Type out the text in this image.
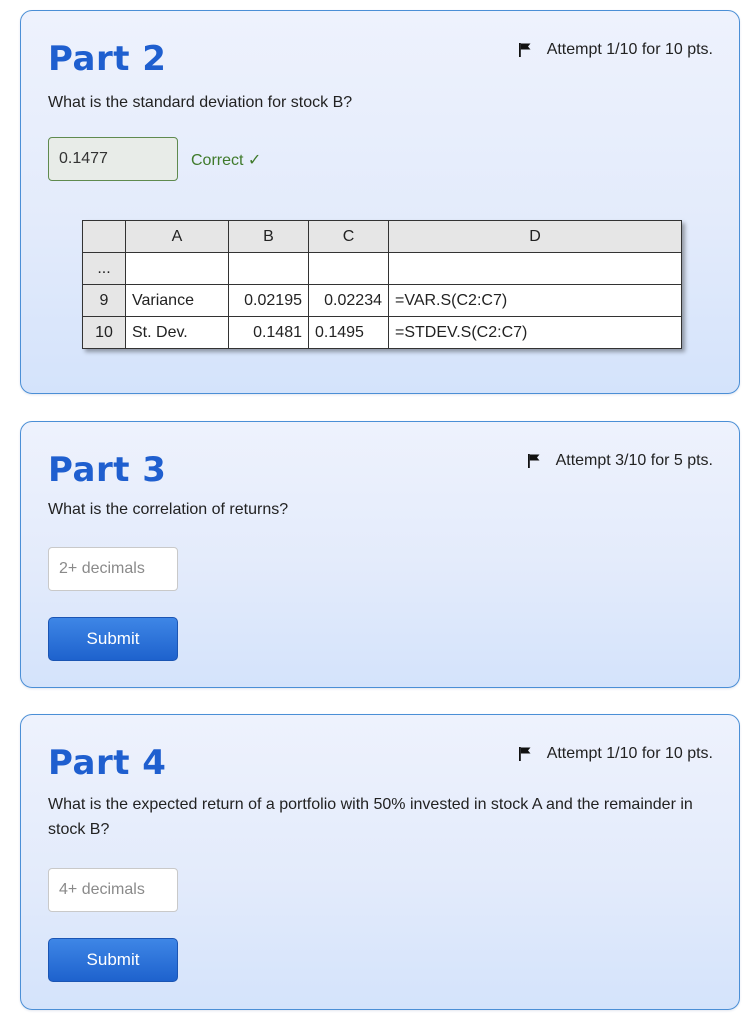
Part 2	Attempt 1/10 for 10 pts.
What is the standard deviation for stock B?
0.1477
Correct ✓
	A	B	C	D
...				
9	Variance	0.02195	0.02234	=VAR.S(C2:C7)
10	St. Dev.	0.1481	0.1495	=STDEV.S(C2:C7)
Part 3	Attempt 3/10 for 5 pts.
What is the correlation of returns?
2+ decimals
Submit
Part 4	Attempt 1/10 for 10 pts.
What is the expected return of a portfolio with 50% invested in stock A and the remainder in stock B?
4+ decimals
Submit
